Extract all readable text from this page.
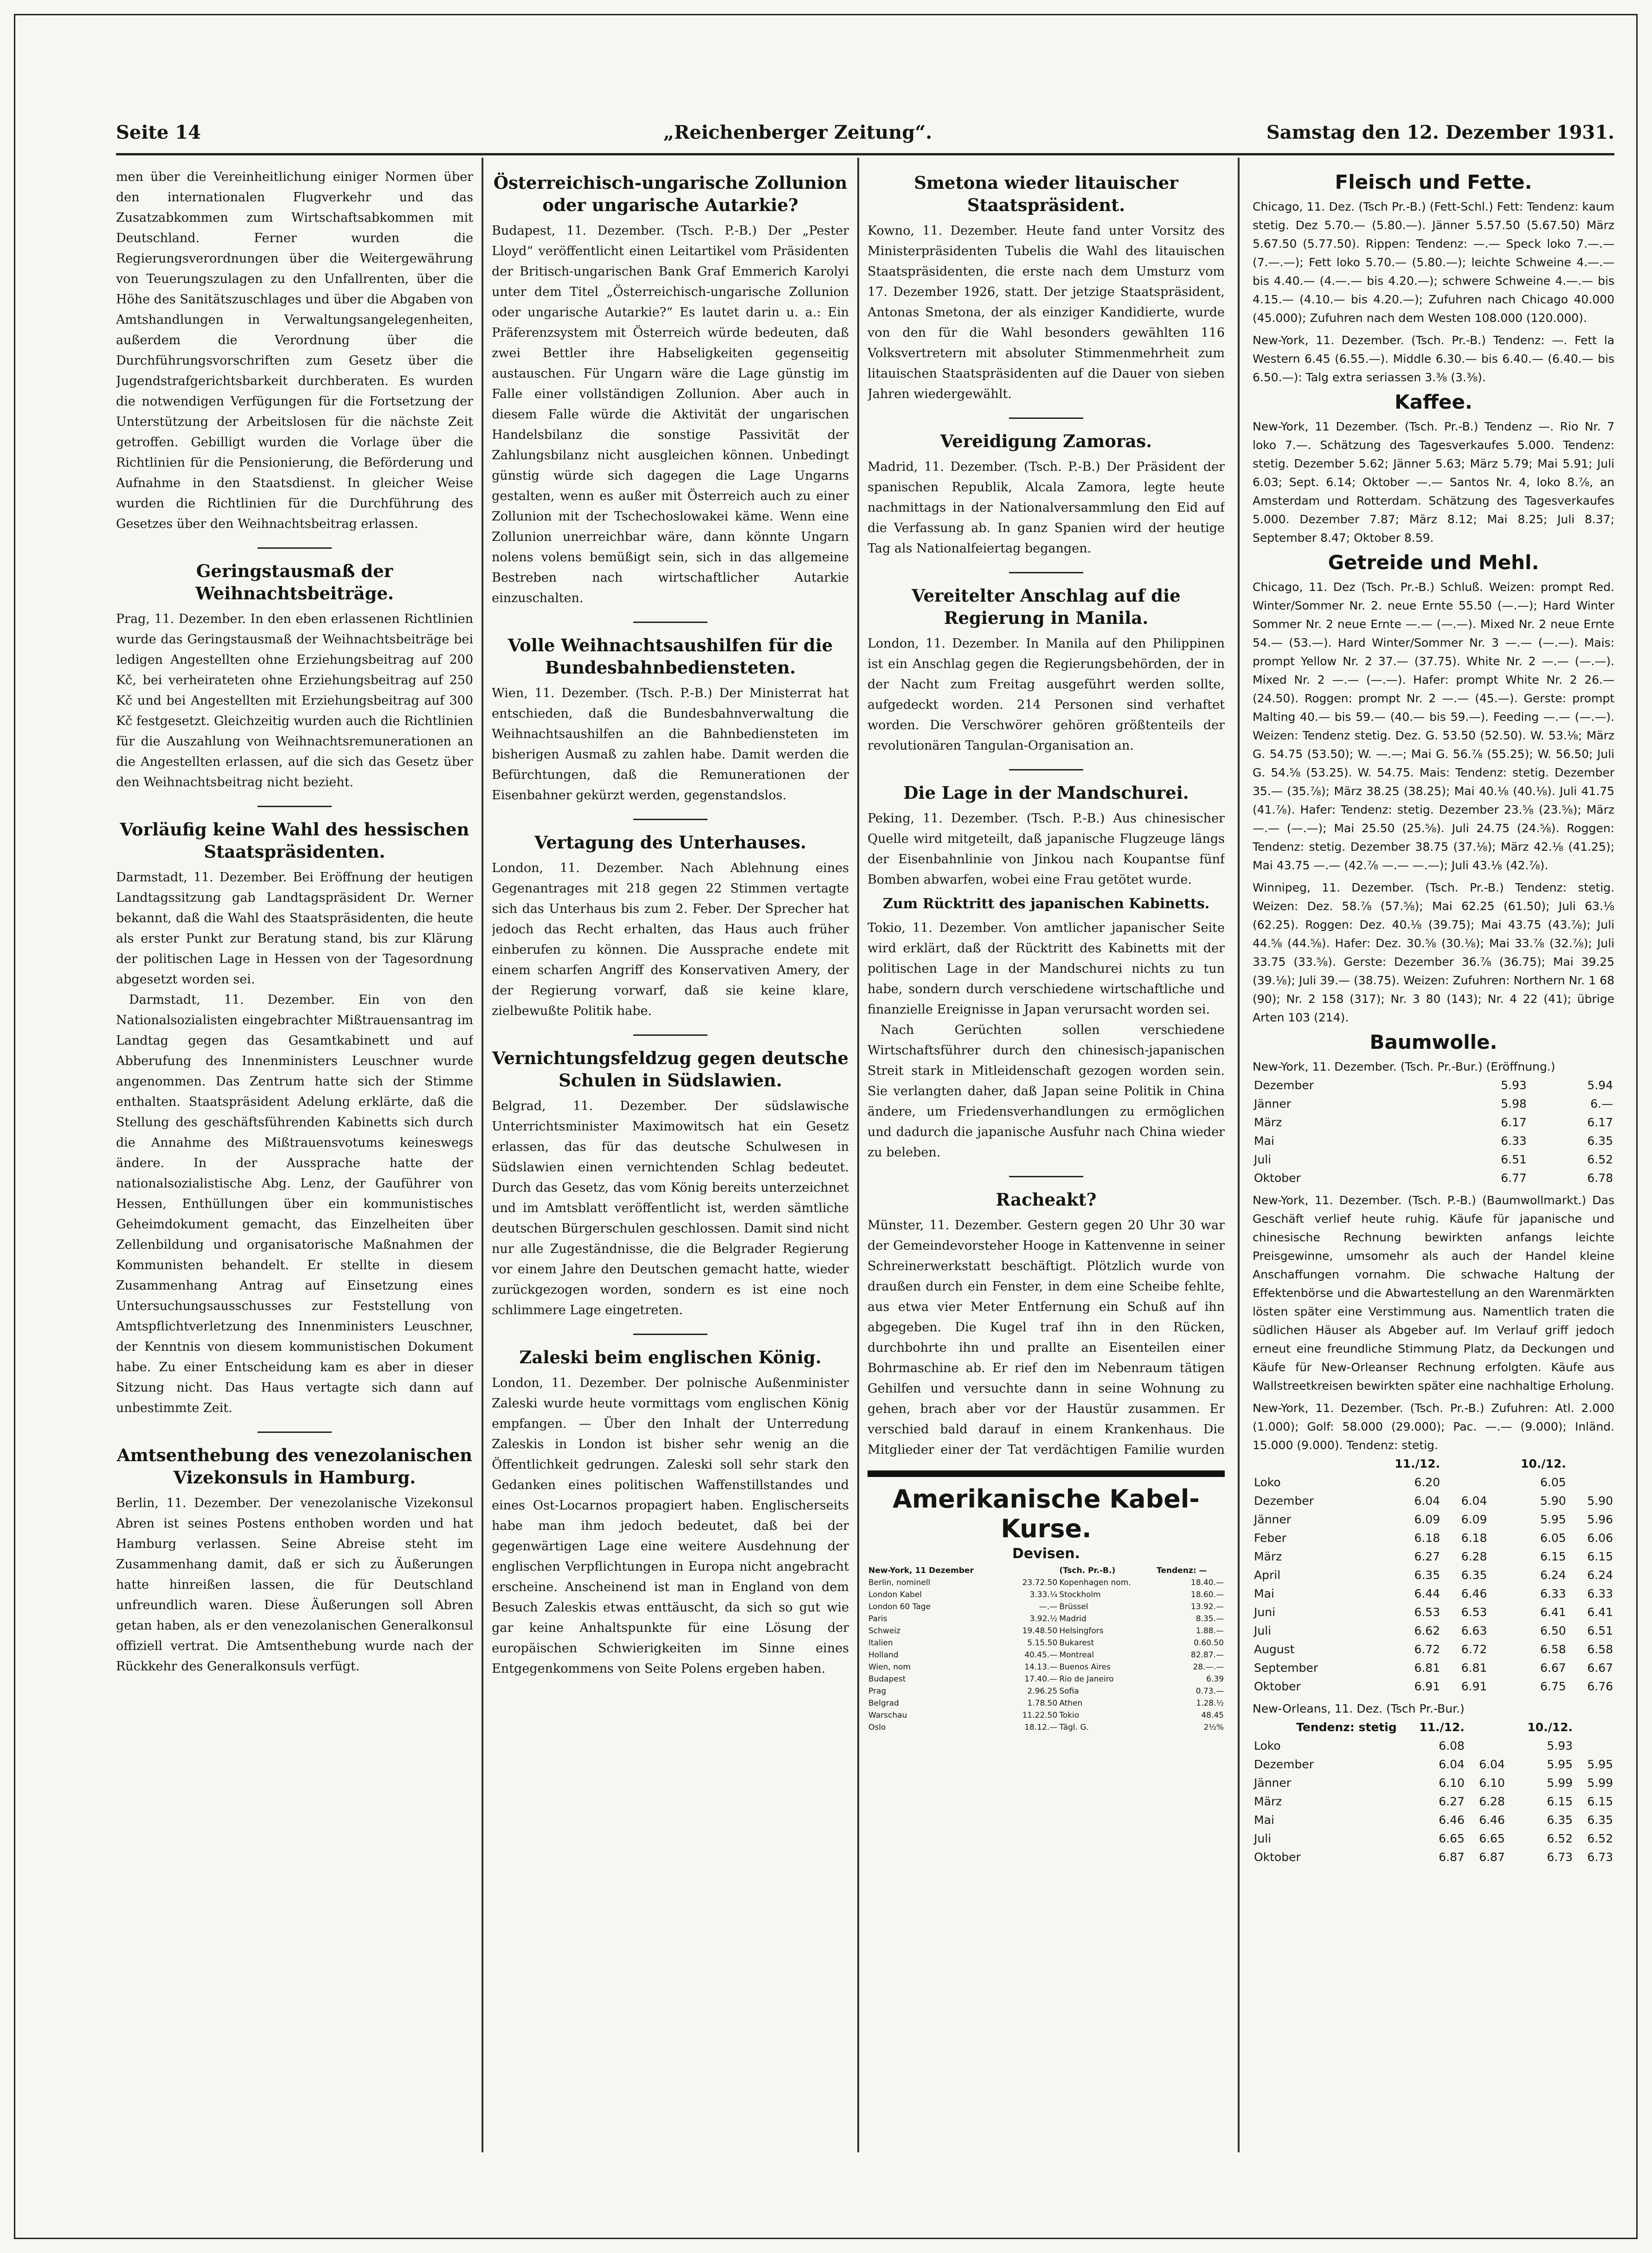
Seite 14	„Reichenberger Zeitung“.	Samstag den 12. Dezember 1931.

men über die Vereinheitlichung einiger Normen über den internationalen Flugverkehr und das Zusatzabkommen zum Wirtschaftsabkommen mit Deutschland. Ferner wurden die Regierungsverordnungen über die Weitergewährung von Teuerungszulagen zu den Unfallrenten, über die Höhe des Sanitätszuschlages und über die Abgaben von Amtshandlungen in Verwaltungsangelegenheiten, außerdem die Verordnung über die Durchführungsvorschriften zum Gesetz über die Jugendstrafgerichtsbarkeit durchberaten. Es wurden die notwendigen Verfügungen für die Fortsetzung der Unterstützung der Arbeitslosen für die nächste Zeit getroffen. Gebilligt wurden die Vorlage über die Richtlinien für die Pensionierung, die Beförderung und Aufnahme in den Staatsdienst. In gleicher Weise wurden die Richtlinien für die Durchführung des Gesetzes über den Weihnachtsbeitrag erlassen.

Geringstausmaß der Weihnachtsbeiträge.

Prag, 11. Dezember. In den eben erlassenen Richtlinien wurde das Geringstausmaß der Weihnachtsbeiträge bei ledigen Angestellten ohne Erziehungsbeitrag auf 200 Kč, bei verheirateten ohne Erziehungsbeitrag auf 250 Kč und bei Angestellten mit Erziehungsbeitrag auf 300 Kč festgesetzt. Gleichzeitig wurden auch die Richtlinien für die Auszahlung von Weihnachtsremunerationen an die Angestellten erlassen, auf die sich das Gesetz über den Weihnachtsbeitrag nicht bezieht.

Vorläufig keine Wahl des hessischen Staatspräsidenten.

Darmstadt, 11. Dezember. Bei Eröffnung der heutigen Landtagssitzung gab Landtagspräsident Dr. Werner bekannt, daß die Wahl des Staatspräsidenten, die heute als erster Punkt zur Beratung stand, bis zur Klärung der politischen Lage in Hessen von der Tagesordnung abgesetzt worden sei.

Darmstadt, 11. Dezember. Ein von den Nationalsozialisten eingebrachter Mißtrauensantrag im Landtag gegen das Gesamtkabinett und auf Abberufung des Innenministers Leuschner wurde angenommen. Das Zentrum hatte sich der Stimme enthalten. Staatspräsident Adelung erklärte, daß die Stellung des geschäftsführenden Kabinetts sich durch die Annahme des Mißtrauensvotums keineswegs ändere. In der Aussprache hatte der nationalsozialistische Abg. Lenz, der Gauführer von Hessen, Enthüllungen über ein kommunistisches Geheimdokument gemacht, das Einzelheiten über Zellenbildung und organisatorische Maßnahmen der Kommunisten behandelt. Er stellte in diesem Zusammenhang Antrag auf Einsetzung eines Untersuchungsausschusses zur Feststellung von Amtspflichtverletzung des Innenministers Leuschner, der Kenntnis von diesem kommunistischen Dokument habe. Zu einer Entscheidung kam es aber in dieser Sitzung nicht. Das Haus vertagte sich dann auf unbestimmte Zeit.

Amtsenthebung des venezolanischen Vizekonsuls in Hamburg.

Berlin, 11. Dezember. Der venezolanische Vizekonsul Abren ist seines Postens enthoben worden und hat Hamburg verlassen. Seine Abreise steht im Zusammenhang damit, daß er sich zu Äußerungen hatte hinreißen lassen, die für Deutschland unfreundlich waren. Diese Äußerungen soll Abren getan haben, als er den venezolanischen Generalkonsul offiziell vertrat. Die Amtsenthebung wurde nach der Rückkehr des Generalkonsuls verfügt.

Österreichisch-ungarische Zollunion oder ungarische Autarkie?

Budapest, 11. Dezember. (Tsch. P.-B.) Der „Pester Lloyd“ veröffentlicht einen Leitartikel vom Präsidenten der Britisch-ungarischen Bank Graf Emmerich Karolyi unter dem Titel „Österreichisch-ungarische Zollunion oder ungarische Autarkie?“ Es lautet darin u. a.: Ein Präferenzsystem mit Österreich würde bedeuten, daß zwei Bettler ihre Habseligkeiten gegenseitig austauschen. Für Ungarn wäre die Lage günstig im Falle einer vollständigen Zollunion. Aber auch in diesem Falle würde die Aktivität der ungarischen Handelsbilanz die sonstige Passivität der Zahlungsbilanz nicht ausgleichen können. Unbedingt günstig würde sich dagegen die Lage Ungarns gestalten, wenn es außer mit Österreich auch zu einer Zollunion mit der Tschechoslowakei käme. Wenn eine Zollunion unerreichbar wäre, dann könnte Ungarn nolens volens bemüßigt sein, sich in das allgemeine Bestreben nach wirtschaftlicher Autarkie einzuschalten.

Volle Weihnachtsaushilfen für die Bundesbahnbediensteten.

Wien, 11. Dezember. (Tsch. P.-B.) Der Ministerrat hat entschieden, daß die Bundesbahnverwaltung die Weihnachtsaushilfen an die Bahnbediensteten im bisherigen Ausmaß zu zahlen habe. Damit werden die Befürchtungen, daß die Remunerationen der Eisenbahner gekürzt werden, gegenstandslos.

Vertagung des Unterhauses.

London, 11. Dezember. Nach Ablehnung eines Gegenantrages mit 218 gegen 22 Stimmen vertagte sich das Unterhaus bis zum 2. Feber. Der Sprecher hat jedoch das Recht erhalten, das Haus auch früher einberufen zu können. Die Aussprache endete mit einem scharfen Angriff des Konservativen Amery, der der Regierung vorwarf, daß sie keine klare, zielbewußte Politik habe.

Vernichtungsfeldzug gegen deutsche Schulen in Südslawien.

Belgrad, 11. Dezember. Der südslawische Unterrichtsminister Maximowitsch hat ein Gesetz erlassen, das für das deutsche Schulwesen in Südslawien einen vernichtenden Schlag bedeutet. Durch das Gesetz, das vom König bereits unterzeichnet und im Amtsblatt veröffentlicht ist, werden sämtliche deutschen Bürgerschulen geschlossen. Damit sind nicht nur alle Zugeständnisse, die die Belgrader Regierung vor einem Jahre den Deutschen gemacht hatte, wieder zurückgezogen worden, sondern es ist eine noch schlimmere Lage eingetreten.

Zaleski beim englischen König.

London, 11. Dezember. Der polnische Außenminister Zaleski wurde heute vormittags vom englischen König empfangen. — Über den Inhalt der Unterredung Zaleskis in London ist bisher sehr wenig an die Öffentlichkeit gedrungen. Zaleski soll sehr stark den Gedanken eines politischen Waffenstillstandes und eines Ost-Locarnos propagiert haben. Englischerseits habe man ihm jedoch bedeutet, daß bei der gegenwärtigen Lage eine weitere Ausdehnung der englischen Verpflichtungen in Europa nicht angebracht erscheine. Anscheinend ist man in England von dem Besuch Zaleskis etwas enttäuscht, da sich so gut wie gar keine Anhaltspunkte für eine Lösung der europäischen Schwierigkeiten im Sinne eines Entgegenkommens von Seite Polens ergeben haben.

Smetona wieder litauischer Staatspräsident.

Kowno, 11. Dezember. Heute fand unter Vorsitz des Ministerpräsidenten Tubelis die Wahl des litauischen Staatspräsidenten, die erste nach dem Umsturz vom 17. Dezember 1926, statt. Der jetzige Staatspräsident, Antonas Smetona, der als einziger Kandidierte, wurde von den für die Wahl besonders gewählten 116 Volksvertretern mit absoluter Stimmenmehrheit zum litauischen Staatspräsidenten auf die Dauer von sieben Jahren wiedergewählt.

Vereidigung Zamoras.

Madrid, 11. Dezember. (Tsch. P.-B.) Der Präsident der spanischen Republik, Alcala Zamora, legte heute nachmittags in der Nationalversammlung den Eid auf die Verfassung ab. In ganz Spanien wird der heutige Tag als Nationalfeiertag begangen.

Vereitelter Anschlag auf die Regierung in Manila.

London, 11. Dezember. In Manila auf den Philippinen ist ein Anschlag gegen die Regierungsbehörden, der in der Nacht zum Freitag ausgeführt werden sollte, aufgedeckt worden. 214 Personen sind verhaftet worden. Die Verschwörer gehören größtenteils der revolutionären Tangulan-Organisation an.

Die Lage in der Mandschurei.

Peking, 11. Dezember. (Tsch. P.-B.) Aus chinesischer Quelle wird mitgeteilt, daß japanische Flugzeuge längs der Eisenbahnlinie von Jinkou nach Koupantse fünf Bomben abwarfen, wobei eine Frau getötet wurde.

Zum Rücktritt des japanischen Kabinetts.

Tokio, 11. Dezember. Von amtlicher japanischer Seite wird erklärt, daß der Rücktritt des Kabinetts mit der politischen Lage in der Mandschurei nichts zu tun habe, sondern durch verschiedene wirtschaftliche und finanzielle Ereignisse in Japan verursacht worden sei.

Nach Gerüchten sollen verschiedene Wirtschaftsführer durch den chinesisch-japanischen Streit stark in Mitleidenschaft gezogen worden sein. Sie verlangten daher, daß Japan seine Politik in China ändere, um Friedensverhandlungen zu ermöglichen und dadurch die japanische Ausfuhr nach China wieder zu beleben.

Racheakt?

Münster, 11. Dezember. Gestern gegen 20 Uhr 30 war der Gemeindevorsteher Hooge in Kattenvenne in seiner Schreinerwerkstatt beschäftigt. Plötzlich wurde von draußen durch ein Fenster, in dem eine Scheibe fehlte, aus etwa vier Meter Entfernung ein Schuß auf ihn abgegeben. Die Kugel traf ihn in den Rücken, durchbohrte ihn und prallte an Eisenteilen einer Bohrmaschine ab. Er rief den im Nebenraum tätigen Gehilfen und versuchte dann in seine Wohnung zu gehen, brach aber vor der Haustür zusammen. Er verschied bald darauf in einem Krankenhaus. Die Mitglieder einer der Tat verdächtigen Familie wurden

Amerikanische Kabel-

Kurse.

Devisen.

New-York, 11 Dezember		(Tsch. Pr.-B.)	Tendenz: —
Berlin, nominell	23.72.50	Kopenhagen nom.	18.40.—
London Kabel	3.33.¼	Stockholm	18.60.—
London 60 Tage	—.—	Brüssel	13.92.—
Paris	3.92.½	Madrid	8.35.—
Schweiz	19.48.50	Helsingfors	1.88.—
Italien	5.15.50	Bukarest	0.60.50
Holland	40.45.—	Montreal	82.87.—
Wien, nom	14.13.—	Buenos Aires	28.—.—
Budapest	17.40.—	Rio de Janeiro	6.39
Prag	2.96.25	Sofia	0.73.—
Belgrad	1.78.50	Athen	1.28.½
Warschau	11.22.50	Tokio	48.45
Oslo	18.12.—	Tägl. G.	2½%

Fleisch und Fette.

Chicago, 11. Dez. (Tsch Pr.-B.) (Fett-Schl.) Fett: Tendenz: kaum stetig. Dez 5.70.— (5.80.—). Jänner 5.57.50 (5.67.50) März 5.67.50 (5.77.50). Rippen: Tendenz: —.— Speck loko 7.—.— (7.—.—); Fett loko 5.70.— (5.80.—); leichte Schweine 4.—.— bis 4.40.— (4.—.— bis 4.20.—); schwere Schweine 4.—.— bis 4.15.— (4.10.— bis 4.20.—); Zufuhren nach Chicago 40.000 (45.000); Zufuhren nach dem Westen 108.000 (120.000).

New-York, 11. Dezember. (Tsch. Pr.-B.) Tendenz: —. Fett la Western 6.45 (6.55.—). Middle 6.30.— bis 6.40.— (6.40.— bis 6.50.—): Talg extra seriassen 3.⅜ (3.⅜).

Kaffee.

New-York, 11 Dezember. (Tsch. Pr.-B.) Tendenz —. Rio Nr. 7 loko 7.—. Schätzung des Tagesverkaufes 5.000. Tendenz: stetig. Dezember 5.62; Jänner 5.63; März 5.79; Mai 5.91; Juli 6.03; Sept. 6.14; Oktober —.— Santos Nr. 4, loko 8.⅞, an Amsterdam und Rotterdam. Schätzung des Tagesverkaufes 5.000. Dezember 7.87; März 8.12; Mai 8.25; Juli 8.37; September 8.47; Oktober 8.59.

Getreide und Mehl.

Chicago, 11. Dez (Tsch. Pr.-B.) Schluß. Weizen: prompt Red. Winter/Sommer Nr. 2. neue Ernte 55.50 (—.—); Hard Winter Sommer Nr. 2 neue Ernte —.— (—.—). Mixed Nr. 2 neue Ernte 54.— (53.—). Hard Winter/Sommer Nr. 3 —.— (—.—). Mais: prompt Yellow Nr. 2 37.— (37.75). White Nr. 2 —.— (—.—). Mixed Nr. 2 —.— (—.—). Hafer: prompt White Nr. 2 26.— (24.50). Roggen: prompt Nr. 2 —.— (45.—). Gerste: prompt Malting 40.— bis 59.— (40.— bis 59.—). Feeding —.— (—.—). Weizen: Tendenz stetig. Dez. G. 53.50 (52.50). W. 53.⅛; März G. 54.75 (53.50); W. —.—; Mai G. 56.⅞ (55.25); W. 56.50; Juli G. 54.⅝ (53.25). W. 54.75. Mais: Tendenz: stetig. Dezember 35.— (35.⅞); März 38.25 (38.25); Mai 40.⅛ (40.⅛). Juli 41.75 (41.⅞). Hafer: Tendenz: stetig. Dezember 23.⅝ (23.⅝); März —.— (—.—); Mai 25.50 (25.⅝). Juli 24.75 (24.⅝). Roggen: Tendenz: stetig. Dezember 38.75 (37.⅛); März 42.⅛ (41.25); Mai 43.75 —.— (42.⅞ —.— —.—); Juli 43.⅛ (42.⅞).

Winnipeg, 11. Dezember. (Tsch. Pr.-B.) Tendenz: stetig. Weizen: Dez. 58.⅞ (57.⅝); Mai 62.25 (61.50); Juli 63.⅛ (62.25). Roggen: Dez. 40.⅛ (39.75); Mai 43.75 (43.⅞); Juli 44.⅝ (44.⅝). Hafer: Dez. 30.⅝ (30.⅛); Mai 33.⅞ (32.⅞); Juli 33.75 (33.⅝). Gerste: Dezember 36.⅞ (36.75); Mai 39.25 (39.⅛); Juli 39.— (38.75). Weizen: Zufuhren: Northern Nr. 1 68 (90); Nr. 2 158 (317); Nr. 3 80 (143); Nr. 4 22 (41); übrige Arten 103 (214).

Baumwolle.

New-York, 11. Dezember. (Tsch. Pr.-Bur.) (Eröffnung.)

Dezember	5.93	5.94
Jänner	5.98	6.—
März	6.17	6.17
Mai	6.33	6.35
Juli	6.51	6.52
Oktober	6.77	6.78

New-York, 11. Dezember. (Tsch. P.-B.) (Baumwollmarkt.) Das Geschäft verlief heute ruhig. Käufe für japanische und chinesische Rechnung bewirkten anfangs leichte Preisgewinne, umsomehr als auch der Handel kleine Anschaffungen vornahm. Die schwache Haltung der Effektenbörse und die Abwartestellung an den Warenmärkten lösten später eine Verstimmung aus. Namentlich traten die südlichen Häuser als Abgeber auf. Im Verlauf griff jedoch erneut eine freundliche Stimmung Platz, da Deckungen und Käufe für New-Orleanser Rechnung erfolgten. Käufe aus Wallstreetkreisen bewirkten später eine nachhaltige Erholung.

New-York, 11. Dezember. (Tsch. Pr.-B.) Zufuhren: Atl. 2.000 (1.000); Golf: 58.000 (29.000); Pac. —.— (9.000); Inländ. 15.000 (9.000). Tendenz: stetig.

	11./12.		10./12.	
Loko	6.20		6.05	
Dezember	6.04	6.04	5.90	5.90
Jänner	6.09	6.09	5.95	5.96
Feber	6.18	6.18	6.05	6.06
März	6.27	6.28	6.15	6.15
April	6.35	6.35	6.24	6.24
Mai	6.44	6.46	6.33	6.33
Juni	6.53	6.53	6.41	6.41
Juli	6.62	6.63	6.50	6.51
August	6.72	6.72	6.58	6.58
September	6.81	6.81	6.67	6.67
Oktober	6.91	6.91	6.75	6.76

New-Orleans, 11. Dez. (Tsch Pr.-Bur.)

Tendenz: stetig	11./12.		10./12.	
Loko	6.08		5.93	
Dezember	6.04	6.04	5.95	5.95
Jänner	6.10	6.10	5.99	5.99
März	6.27	6.28	6.15	6.15
Mai	6.46	6.46	6.35	6.35
Juli	6.65	6.65	6.52	6.52
Oktober	6.87	6.87	6.73	6.73
